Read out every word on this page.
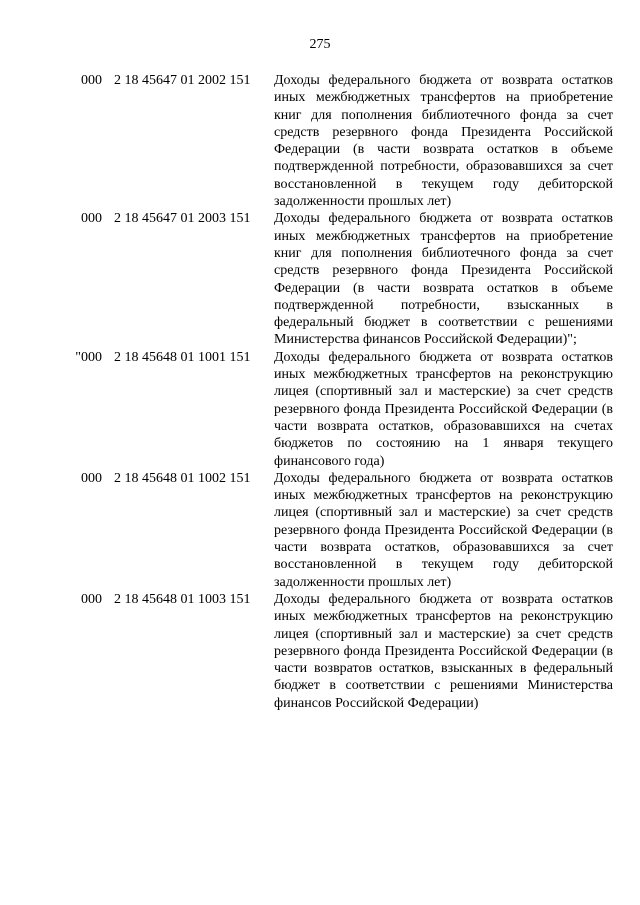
275
000 2 18 45647 01 2002 151	Доходы федерального бюджета от возврата остатков иных межбюджетных трансфертов на приобретение книг для пополнения библиотечного фонда за счет средств резервного фонда Президента Российской Федерации (в части возврата остатков в объеме подтвержденной потребности, образовавшихся за счет восстановленной в текущем году дебиторской задолженности прошлых лет)
000 2 18 45647 01 2003 151	Доходы федерального бюджета от возврата остатков иных межбюджетных трансфертов на приобретение книг для пополнения библиотечного фонда за счет средств резервного фонда Президента Российской Федерации (в части возврата остатков в объеме подтвержденной потребности, взысканных в федеральный бюджет в соответствии с решениями Министерства финансов Российской Федерации)";
"000 2 18 45648 01 1001 151	Доходы федерального бюджета от возврата остатков иных межбюджетных трансфертов на реконструкцию лицея (спортивный зал и мастерские) за счет средств резервного фонда Президента Российской Федерации (в части возврата остатков, образовавшихся на счетах бюджетов по состоянию на 1 января текущего финансового года)
000 2 18 45648 01 1002 151	Доходы федерального бюджета от возврата остатков иных межбюджетных трансфертов на реконструкцию лицея (спортивный зал и мастерские) за счет средств резервного фонда Президента Российской Федерации (в части возврата остатков, образовавшихся за счет восстановленной в текущем году дебиторской задолженности прошлых лет)
000 2 18 45648 01 1003 151	Доходы федерального бюджета от возврата остатков иных межбюджетных трансфертов на реконструкцию лицея (спортивный зал и мастерские) за счет средств резервного фонда Президента Российской Федерации (в части возвратов остатков, взысканных в федеральный бюджет в соответствии с решениями Министерства финансов Российской Федерации)
